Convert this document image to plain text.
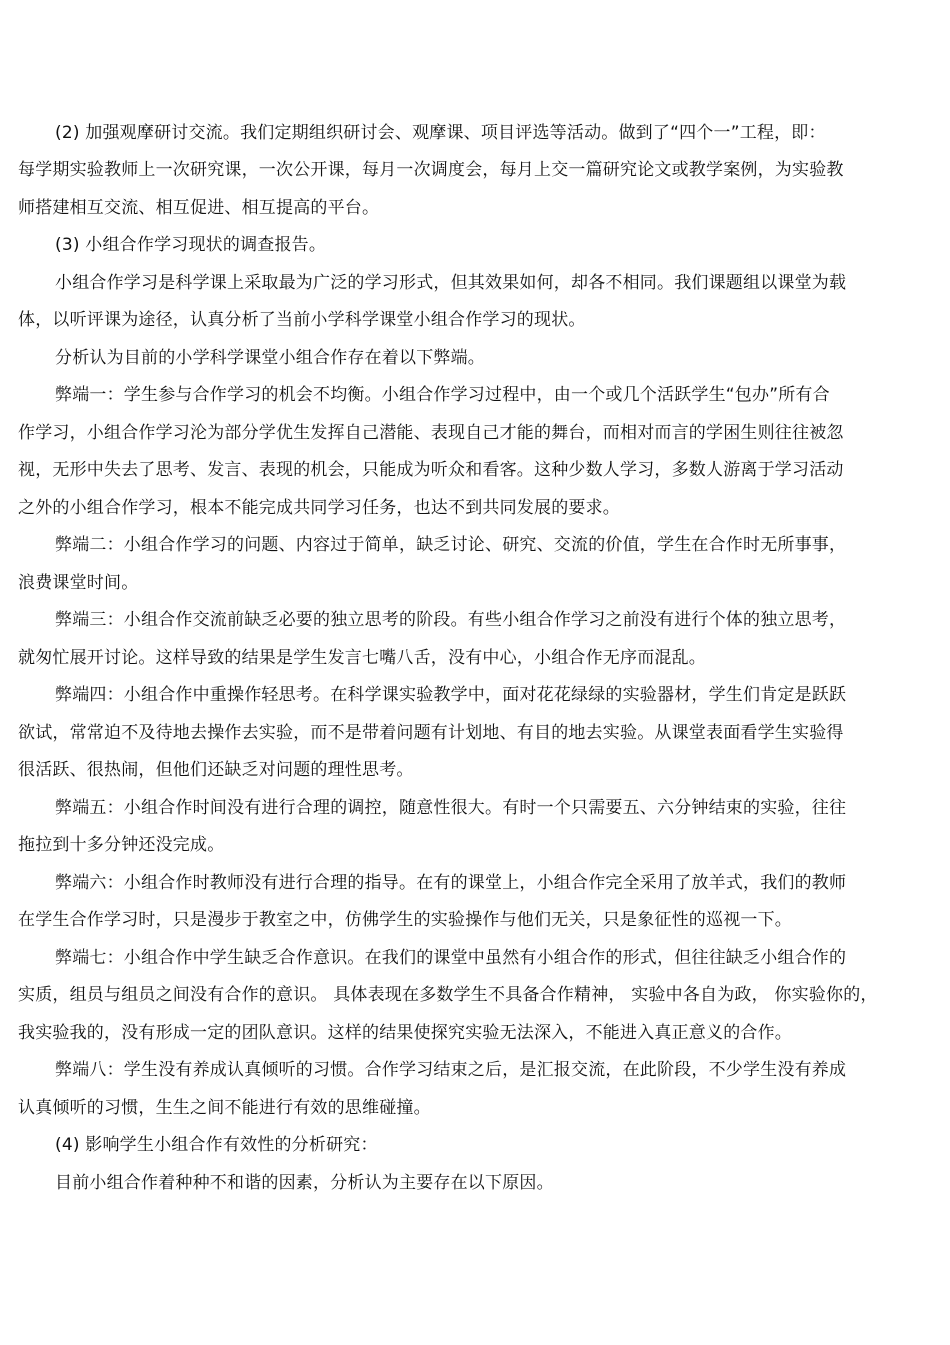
(2) 加强观摩研讨交流。我们定期组织研讨会、观摩课、项目评选等活动。做到了“四个一”工程，即：
每学期实验教师上一次研究课，一次公开课，每月一次调度会，每月上交一篇研究论文或教学案例，为实验教
师搭建相互交流、相互促进、相互提高的平台。
(3) 小组合作学习现状的调查报告。
小组合作学习是科学课上采取最为广泛的学习形式，但其效果如何，却各不相同。我们课题组以课堂为载
体，以听评课为途径，认真分析了当前小学科学课堂小组合作学习的现状。
分析认为目前的小学科学课堂小组合作存在着以下弊端。
弊端一：学生参与合作学习的机会不均衡。小组合作学习过程中，由一个或几个活跃学生“包办”所有合
作学习，小组合作学习沦为部分学优生发挥自己潜能、表现自己才能的舞台，而相对而言的学困生则往往被忽
视，无形中失去了思考、发言、表现的机会，只能成为听众和看客。这种少数人学习，多数人游离于学习活动
之外的小组合作学习，根本不能完成共同学习任务，也达不到共同发展的要求。
弊端二：小组合作学习的问题、内容过于简单，缺乏讨论、研究、交流的价值，学生在合作时无所事事，
浪费课堂时间。
弊端三：小组合作交流前缺乏必要的独立思考的阶段。有些小组合作学习之前没有进行个体的独立思考，
就匆忙展开讨论。这样导致的结果是学生发言七嘴八舌，没有中心，小组合作无序而混乱。
弊端四：小组合作中重操作轻思考。在科学课实验教学中，面对花花绿绿的实验器材，学生们肯定是跃跃
欲试，常常迫不及待地去操作去实验，而不是带着问题有计划地、有目的地去实验。从课堂表面看学生实验得
很活跃、很热闹，但他们还缺乏对问题的理性思考。
弊端五：小组合作时间没有进行合理的调控，随意性很大。有时一个只需要五、六分钟结束的实验，往往
拖拉到十多分钟还没完成。
弊端六：小组合作时教师没有进行合理的指导。在有的课堂上，小组合作完全采用了放羊式，我们的教师
在学生合作学习时，只是漫步于教室之中，仿佛学生的实验操作与他们无关，只是象征性的巡视一下。
弊端七：小组合作中学生缺乏合作意识。在我们的课堂中虽然有小组合作的形式，但往往缺乏小组合作的
实质，组员与组员之间没有合作的意识。 具体表现在多数学生不具备合作精神， 实验中各自为政， 你实验你的，
我实验我的，没有形成一定的团队意识。这样的结果使探究实验无法深入，不能进入真正意义的合作。
弊端八：学生没有养成认真倾听的习惯。合作学习结束之后，是汇报交流，在此阶段，不少学生没有养成
认真倾听的习惯，生生之间不能进行有效的思维碰撞。
(4) 影响学生小组合作有效性的分析研究：
目前小组合作着种种不和谐的因素，分析认为主要存在以下原因。
